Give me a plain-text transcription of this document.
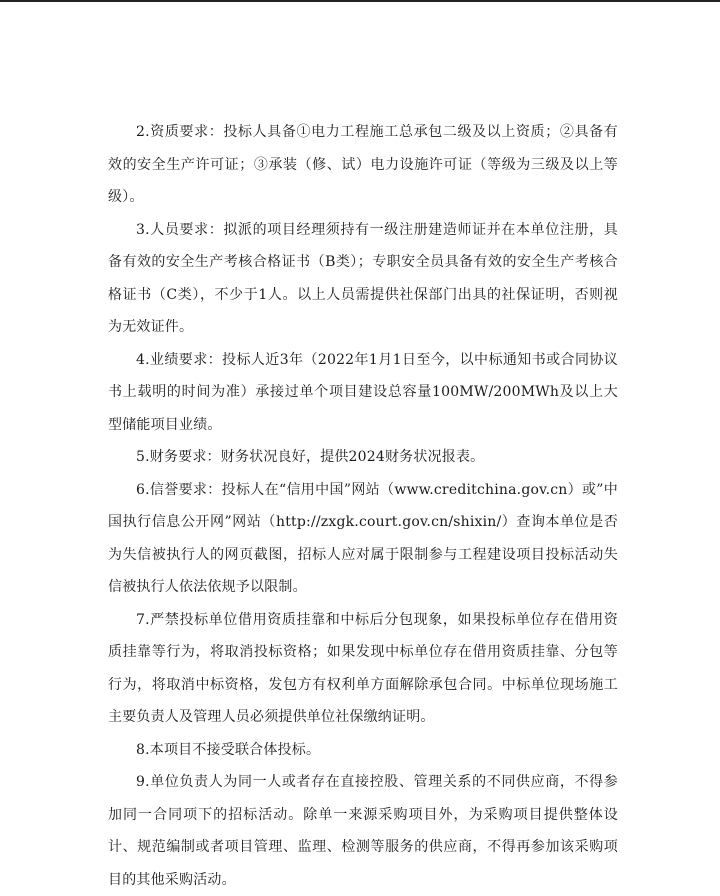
2.资质要求：投标人具备①电力工程施工总承包二级及以上资质；②具备有效的安全生产许可证；③承装（修、试）电力设施许可证（等级为三级及以上等级）。

3.人员要求：拟派的项目经理须持有一级注册建造师证并在本单位注册，具备有效的安全生产考核合格证书（B类）；专职安全员具备有效的安全生产考核合格证书（C类），不少于1人。以上人员需提供社保部门出具的社保证明，否则视为无效证件。

4.业绩要求：投标人近3年（2022年1月1日至今，以中标通知书或合同协议书上载明的时间为准）承接过单个项目建设总容量100MW/200MWh及以上大型储能项目业绩。

5.财务要求：财务状况良好，提供2024财务状况报表。

6.信誉要求：投标人在“信用中国”网站（www.creditchina.gov.cn）或”中国执行信息公开网”网站（http://zxgk.court.gov.cn/shixin/）查询本单位是否为失信被执行人的网页截图，招标人应对属于限制参与工程建设项目投标活动失信被执行人依法依规予以限制。

7.严禁投标单位借用资质挂靠和中标后分包现象，如果投标单位存在借用资质挂靠等行为，将取消投标资格；如果发现中标单位存在借用资质挂靠、分包等行为，将取消中标资格，发包方有权利单方面解除承包合同。中标单位现场施工主要负责人及管理人员必须提供单位社保缴纳证明。

8.本项目不接受联合体投标。

9.单位负责人为同一人或者存在直接控股、管理关系的不同供应商，不得参加同一合同项下的招标活动。除单一来源采购项目外，为采购项目提供整体设计、规范编制或者项目管理、监理、检测等服务的供应商，不得再参加该采购项目的其他采购活动。
